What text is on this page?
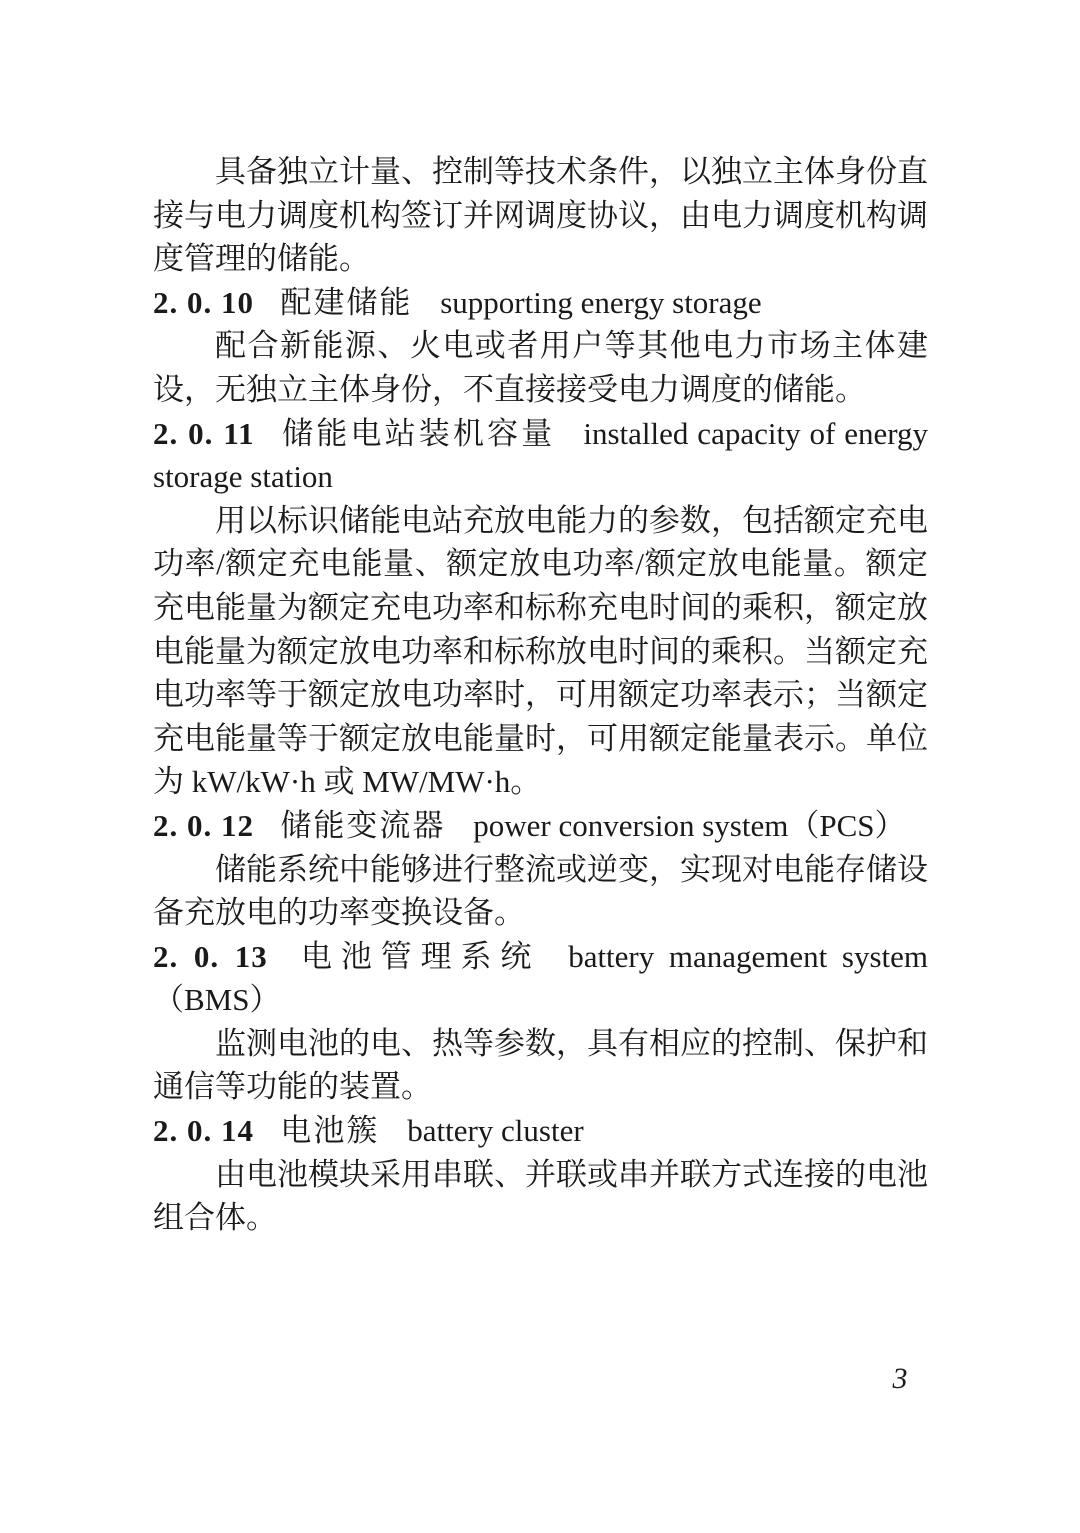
具备独立计量、控制等技术条件，以独立主体身份直接与电力调度机构签订并网调度协议，由电力调度机构调度管理的储能。

2. 0. 10 配建储能 supporting energy storage

配合新能源、火电或者用户等其他电力市场主体建设，无独立主体身份，不直接接受电力调度的储能。

2. 0. 11 储能电站装机容量 installed capacity of energy storage station

用以标识储能电站充放电能力的参数，包括额定充电功率/额定充电能量、额定放电功率/额定放电能量。额定充电能量为额定充电功率和标称充电时间的乘积，额定放电能量为额定放电功率和标称放电时间的乘积。当额定充电功率等于额定放电功率时，可用额定功率表示；当额定充电能量等于额定放电能量时，可用额定能量表示。单位为 kW/kW·h 或 MW/MW·h。

2. 0. 12 储能变流器 power conversion system（PCS）

储能系统中能够进行整流或逆变，实现对电能存储设备充放电的功率变换设备。

2. 0. 13 电池管理系统 battery management system（BMS）

监测电池的电、热等参数，具有相应的控制、保护和通信等功能的装置。

2. 0. 14 电池簇 battery cluster

由电池模块采用串联、并联或串并联方式连接的电池组合体。

3
